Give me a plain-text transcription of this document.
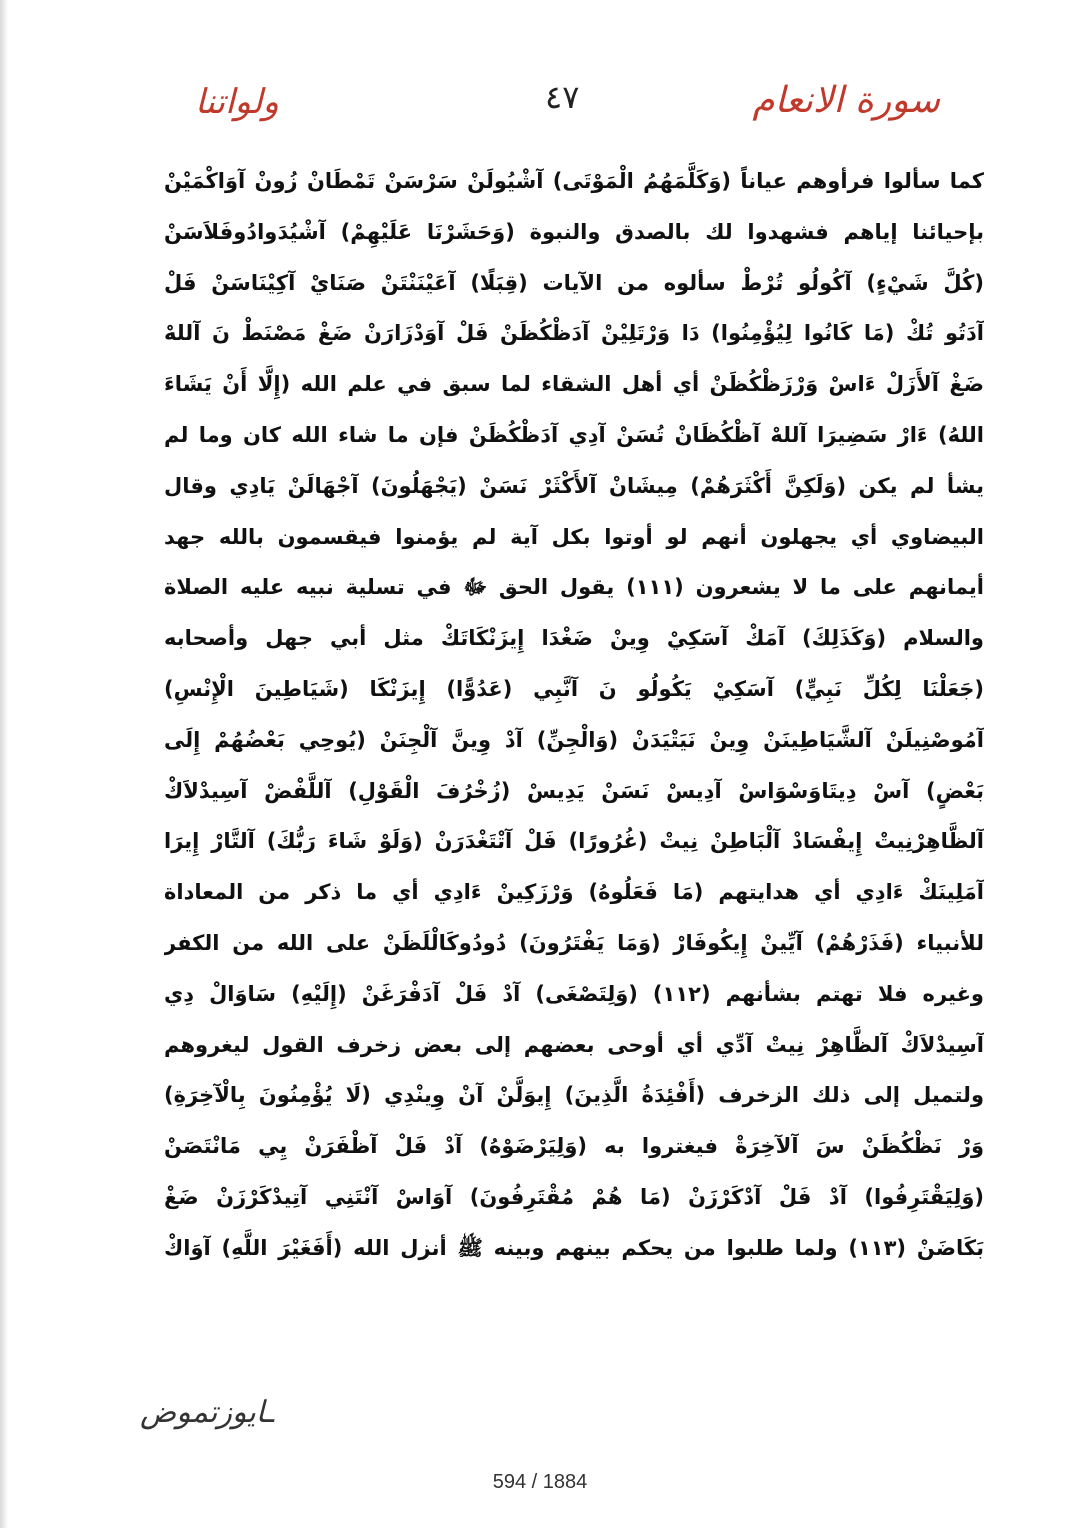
ولواتنا	٤٧	سورة الانعام
كما سألوا فرأوهم عياناً (وَكَلَّمَهُمُ الْمَوْتَى) آشْيُولَنْ سَرْسَنْ تَمْطَانْ زُونْ آوَاكْمَيْنْ
بإحيائنا إياهم فشهدوا لك بالصدق والنبوة (وَحَشَرْنَا عَلَيْهِمْ) آشْيُدَوادُوفَلاَسَنْ
(كُلَّ شَيْءٍ) آكُولُو تُرْطْ سألوه من الآيات (قِبَلًا) آعَيْنَنْتَنْ صَنَايْ آكِيْنَاسَنْ فَلْ
آدَتُو تُكْ (مَا كَانُوا لِيُؤْمِنُوا) دَا وَرْتَلِيْنْ آدَظْكُظَنْ فَلْ آوَدْزَارَنْ ضَغْ مَصْنَطْ نَ آللهْ
ضَغْ آلأَزَلْ ءَاسْ وَرْزَظْكُظَنْ أي أهل الشقاء لما سبق في علم الله (إِلَّا أَنْ يَشَاءَ
اللهُ) ءَارْ سَضِيرَا آللهْ آظْكُظَانْ تُسَنْ آدِي آدَظْكُظَنْ فإن ما شاء الله كان وما لم
يشأ لم يكن (وَلَكِنَّ أَكْثَرَهُمْ) مِيشَانْ آلأَكْثَرْ نَسَنْ (يَجْهَلُونَ) آجْهَالَنْ يَادِي وقال
البيضاوي أي يجهلون أنهم لو أوتوا بكل آية لم يؤمنوا فيقسمون بالله جهد
أيمانهم على ما لا يشعرون (١١١) يقول الحق ﷻ في تسلية نبيه عليه الصلاة
والسلام (وَكَذَلِكَ) آمَكْ آسَكِيْ وِينْ ضَغْدَا إِيزَنْكَاتَكْ مثل أبي جهل وأصحابه
(جَعَلْنَا لِكُلِّ نَبِيٍّ) آسَكِيْ يَكُولُو نَ آنَّبِي (عَدُوًّا) إِيزَنْكَا (شَيَاطِينَ الْإِنْسِ)
آمُوصْنِيلَنْ آلشَّيَاطِينَنْ وِينْ نَيَتْيَدَنْ (وَالْجِنِّ) آدْ وِينَّ آلْجِنَنْ (يُوحِي بَعْضُهُمْ إِلَى
بَعْضٍ) آسْ دِيتَاوَسْوَاسْ آدِيسْ نَسَنْ يَدِيسْ (زُخْرُفَ الْقَوْلِ) آللَّفْضْ آسِيدْلاَكْ
آلظَّاهِرْنِيتْ إِيفْسَادْ آلْبَاطِنْ نِيتْ (غُرُورًا) فَلْ آتْتَغْدَرَنْ (وَلَوْ شَاءَ رَبُّكَ) آلتَّارْ إِيرَا
آمَلِينَكْ ءَادِي أي هدايتهم (مَا فَعَلُوهُ) وَرْزَكِينْ ءَادِي أي ما ذكر من المعاداة
للأنبياء (فَذَرْهُمْ) آيِّينْ إِيكُوفَارْ (وَمَا يَفْتَرُونَ) دُودُوكَالْلَظَنْ على الله من الكفر
وغيره فلا تهتم بشأنهم (١١٢) (وَلِتَصْغَى) آدْ فَلْ آدَفْرَغَنْ (إِلَيْهِ) سَاوَالْ دِي
آسِيدْلاَكْ آلظَّاهِرْ نِيتْ آدِّي أي أوحى بعضهم إلى بعض زخرف القول ليغروهم
ولتميل إلى ذلك الزخرف (أَفْئِدَةُ الَّذِينَ) إِيوَلَّنْ آنْ وِينْدِي (لَا يُؤْمِنُونَ بِالْآخِرَةِ)
وَرْ نَظْكُظَنْ سَ آلآخِرَةْ فيغتروا به (وَلِيَرْضَوْهُ) آدْ فَلْ آظْفَرَنْ يِي مَانْتَصَنْ
(وَلِيَقْتَرِفُوا) آدْ فَلْ آدْكَرْزَنْ (مَا هُمْ مُقْتَرِفُونَ) آوَاسْ آنْتَنِي آتِيدْكَرْزَنْ ضَغْ
بَكَاضَنْ (١١٣) ولما طلبوا من يحكم بينهم وبينه ﷺ أنزل الله (أَفَغَيْرَ اللَّهِ) آوَاكْ
ـايوزتموض
594 / 1884
